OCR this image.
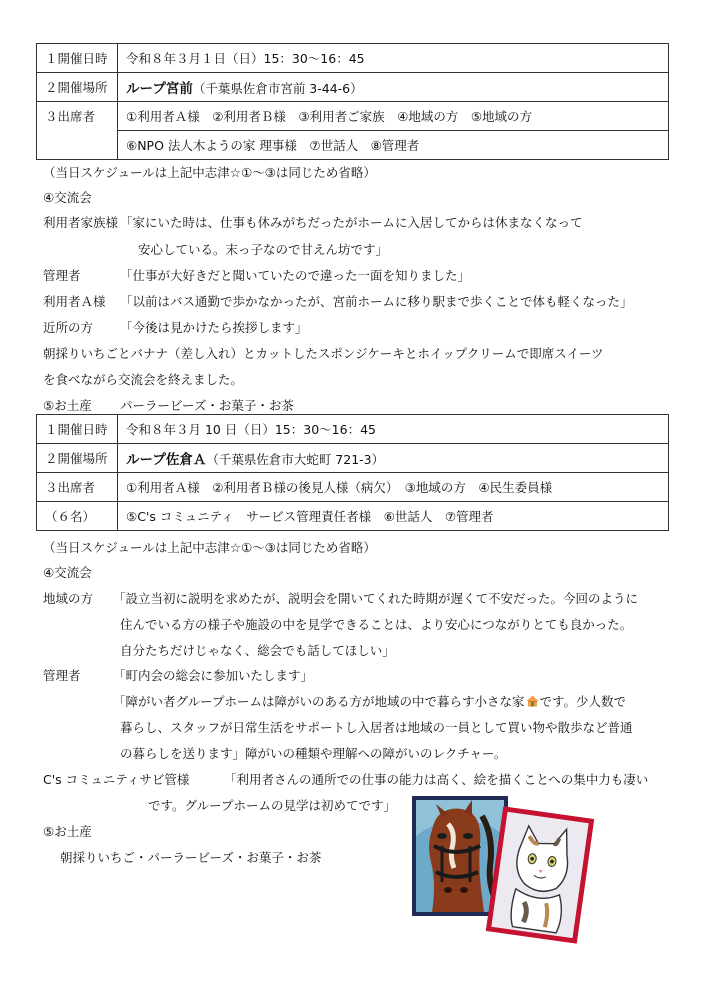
１開催日時	令和８年３月１日（日）15：30〜16：45
２開催場所	ループ宮前（千葉県佐倉市宮前 3-44-6）
３出席者	①利用者Ａ様　②利用者Ｂ様　③利用者ご家族　④地域の方　⑤地域の方
	⑥NPO 法人木ようの家 理事様　⑦世話人　⑧管理者
（当日スケジュールは上記中志津☆①〜③は同じため省略）
④交流会
利用者家族様 「家にいた時は、仕事も休みがちだったがホームに入居してからは休まなくなって
安心している。末っ子なので甘えん坊です」
管理者	「仕事が大好きだと聞いていたので違った一面を知りました」
利用者Ａ様 「以前はバス通勤で歩かなかったが、宮前ホームに移り駅まで歩くことで体も軽くなった」
近所の方 「今後は見かけたら挨拶します」
朝採りいちごとバナナ（差し入れ）とカットしたスポンジケーキとホイップクリームで即席スイーツ
を食べながら交流会を終えました。
⑤お土産 パーラービーズ・お菓子・お茶
１開催日時	令和８年３月 10 日（日）15：30〜16：45
２開催場所	ループ佐倉Ａ（千葉県佐倉市大蛇町 721-3）
３出席者	①利用者Ａ様　②利用者Ｂ様の後見人様（病欠）　③地域の方　④民生委員様
（６名）	⑤C's コミュニティ　サービス管理責任者様　⑥世話人　⑦管理者
（当日スケジュールは上記中志津☆①〜③は同じため省略）
④交流会
地域の方 「設立当初に説明を求めたが、説明会を開いてくれた時期が遅くて不安だった。今回のように
住んでいる方の様子や施設の中を見学できることは、より安心につながりとても良かった。
自分たちだけじゃなく、総会でも話してほしい」
管理者	「町内会の総会に参加いたします」
「障がい者グループホームは障がいのある方が地域の中で暮らす小さな家 です。少人数で
暮らし、スタッフが日常生活をサポートし入居者は地域の一員として買い物や散歩など普通
の暮らしを送ります」障がいの種類や理解への障がいのレクチャー。
C's コミュニティサビ管様	「利用者さんの通所での仕事の能力は高く、絵を描くことへの集中力も凄い
です。グループホームの見学は初めてです」
⑤お土産
朝採りいちご・パーラービーズ・お菓子・お茶
